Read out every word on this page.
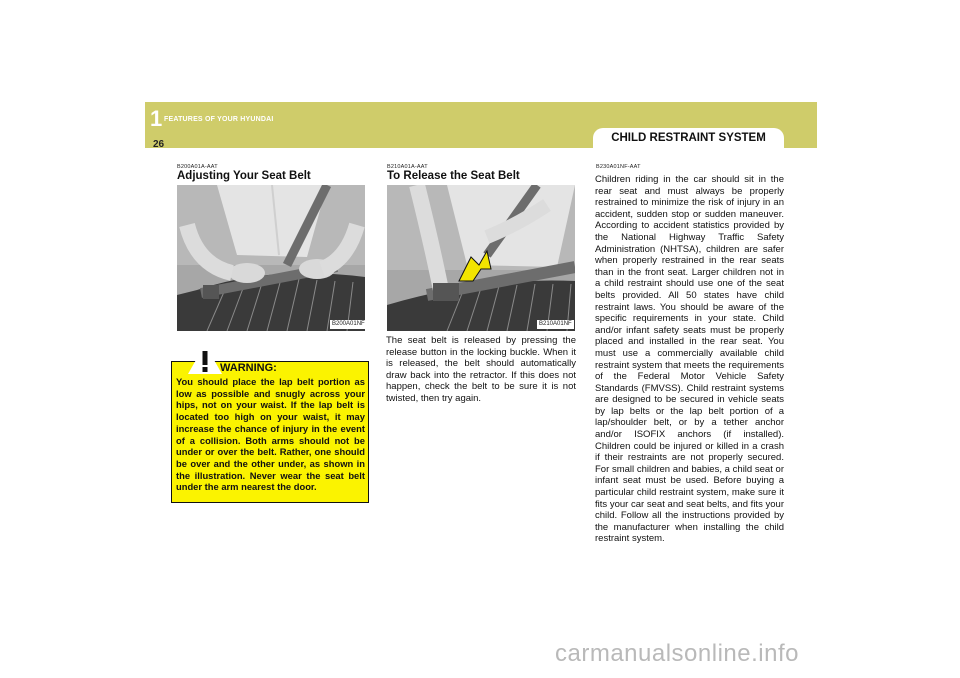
1 FEATURES OF YOUR HYUNDAI
26
CHILD RESTRAINT SYSTEM
B200A01A-AAT
Adjusting Your Seat Belt
B200A01NF
WARNING:
You should place the lap belt portion as low as possible and snugly across your hips, not on your waist. If the lap belt is located too high on your waist, it may increase the chance of injury in the event of a collision. Both arms should not be under or over the belt. Rather, one should be over and the other under, as shown in the illustration. Never wear the seat belt under the arm nearest the door.
B210A01A-AAT
To Release the Seat Belt
B210A01NF
The seat belt is released by pressing the release button in the locking buckle. When it is released, the belt should automatically draw back into the retractor. If this does not happen, check the belt to be sure it is not twisted, then try again.
B230A01NF-AAT
Children riding in the car should sit in the rear seat and must always be properly restrained to minimize the risk of injury in an accident, sudden stop or sudden maneuver. According to accident statistics provided by the National Highway Traffic Safety Administration (NHTSA), children are safer when properly restrained in the rear seats than in the front seat. Larger children not in a child restraint should use one of the seat belts provided. All 50 states have child restraint laws. You should be aware of the specific requirements in your state. Child and/or infant safety seats must be properly placed and installed in the rear seat. You must use a commercially available child restraint system that meets the requirements of the Federal Motor Vehicle Safety Standards (FMVSS). Child restraint systems are designed to be secured in vehicle seats by lap belts or the lap belt portion of a lap/shoulder belt, or by a tether anchor and/or ISOFIX anchors (if installed). Children could be injured or killed in a crash if their restraints are not properly secured. For small children and babies, a child seat or infant seat must be used. Before buying a particular child restraint system, make sure it fits your car seat and seat belts, and fits your child. Follow all the instructions provided by the manufacturer when installing the child restraint system.
carmanualsonline.info
